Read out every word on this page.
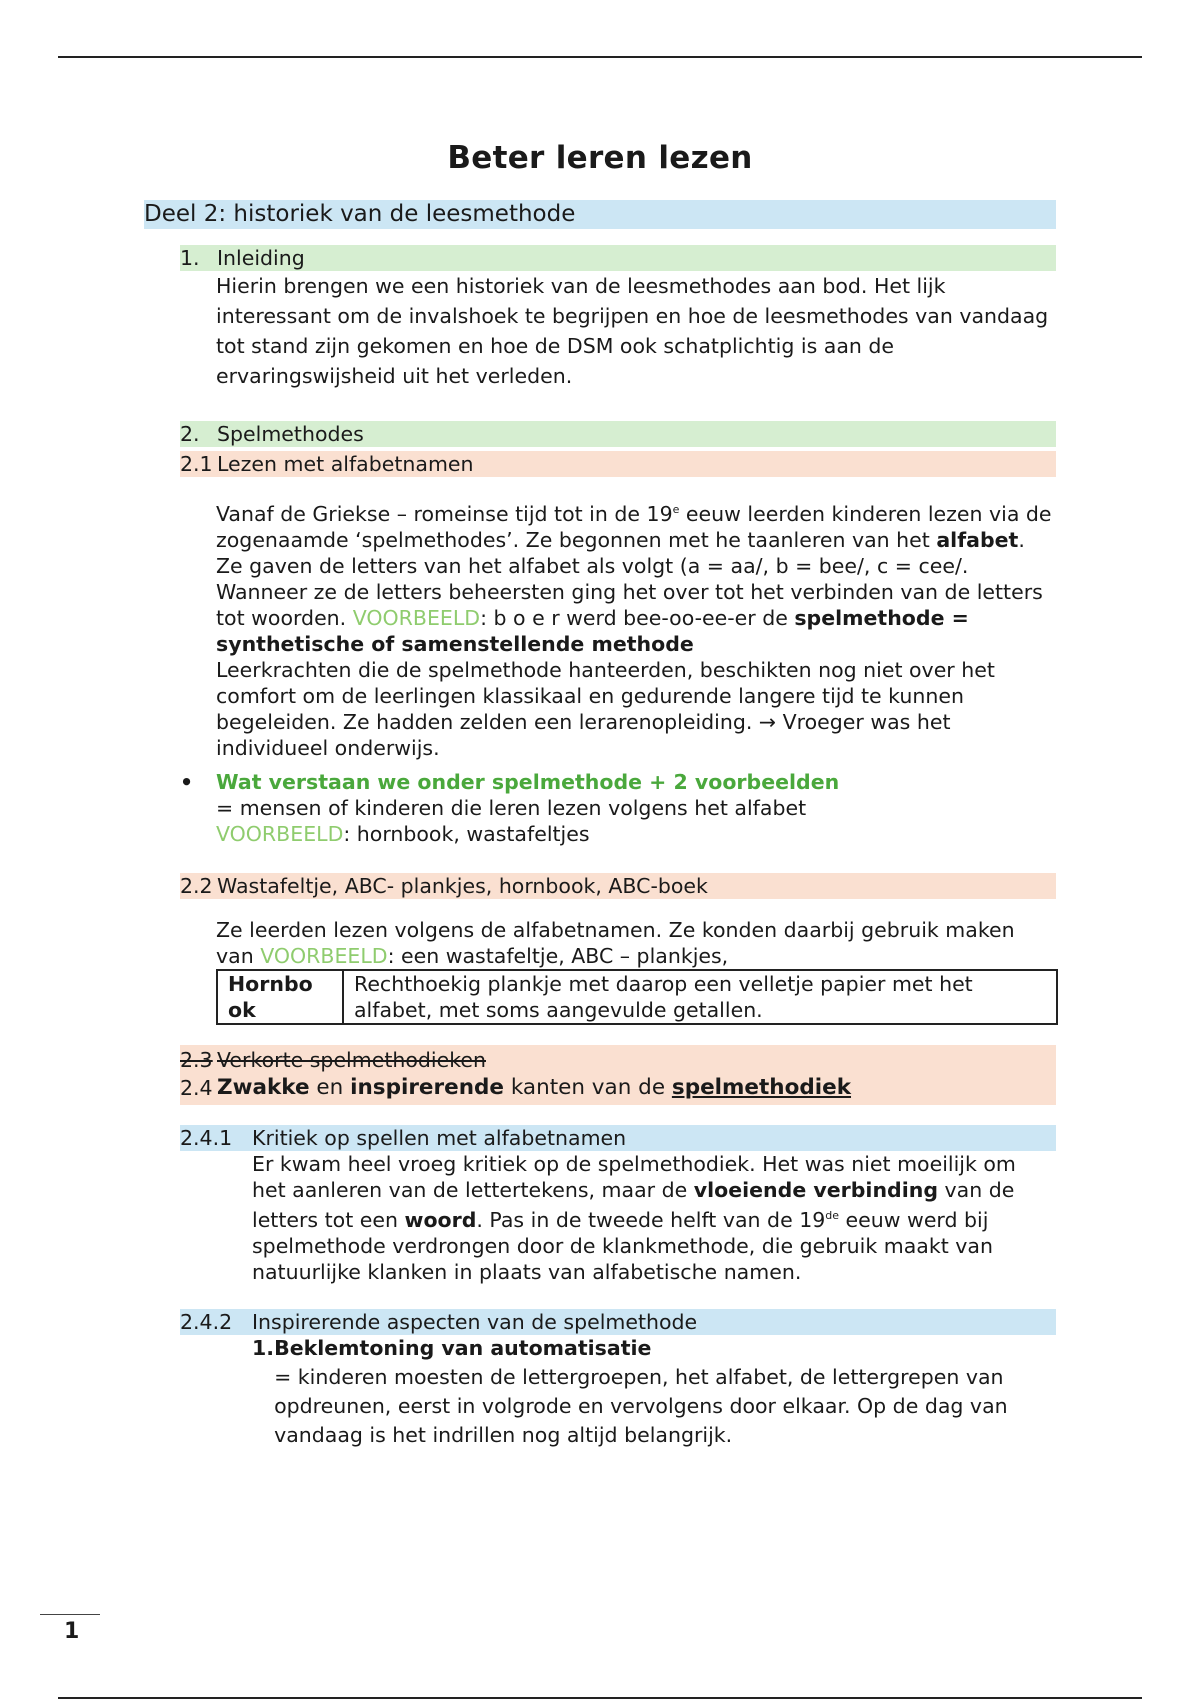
Beter leren lezen
Deel 2: historiek van de leesmethode
1. Inleiding
Hierin brengen we een historiek van de leesmethodes aan bod. Het lijk interessant om de invalshoek te begrijpen en hoe de leesmethodes van vandaag tot stand zijn gekomen en hoe de DSM ook schatplichtig is aan de ervaringswijsheid uit het verleden.
2. Spelmethodes
2.1 Lezen met alfabetnamen
Vanaf de Griekse – romeinse tijd tot in de 19e eeuw leerden kinderen lezen via de zogenaamde ‘spelmethodes’. Ze begonnen met he taanleren van het alfabet. Ze gaven de letters van het alfabet als volgt (a = aa/, b = bee/, c = cee/. Wanneer ze de letters beheersten ging het over tot het verbinden van de letters tot woorden. VOORBEELD: b o e r werd bee-oo-ee-er de spelmethode = synthetische of samenstellende methode
Leerkrachten die de spelmethode hanteerden, beschikten nog niet over het comfort om de leerlingen klassikaal en gedurende langere tijd te kunnen begeleiden. Ze hadden zelden een lerarenopleiding. → Vroeger was het individueel onderwijs.
•	Wat verstaan we onder spelmethode + 2 voorbeelden
= mensen of kinderen die leren lezen volgens het alfabet
VOORBEELD: hornbook, wastafeltjes
2.2 Wastafeltje, ABC- plankjes, hornbook, ABC-boek
Ze leerden lezen volgens de alfabetnamen. Ze konden daarbij gebruik maken van VOORBEELD: een wastafeltje, ABC – plankjes,
Hornbo ok	Rechthoekig plankje met daarop een velletje papier met het alfabet, met soms aangevulde getallen.
2.3 Verkorte spelmethodieken
2.4 Zwakke en inspirerende kanten van de spelmethodiek
2.4.1 Kritiek op spellen met alfabetnamen
Er kwam heel vroeg kritiek op de spelmethodiek. Het was niet moeilijk om het aanleren van de lettertekens, maar de vloeiende verbinding van de letters tot een woord. Pas in de tweede helft van de 19de eeuw werd bij spelmethode verdrongen door de klankmethode, die gebruik maakt van natuurlijke klanken in plaats van alfabetische namen.
2.4.2 Inspirerende aspecten van de spelmethode
1. Beklemtoning van automatisatie
= kinderen moesten de lettergroepen, het alfabet, de lettergrepen van opdreunen, eerst in volgrode en vervolgens door elkaar. Op de dag van vandaag is het indrillen nog altijd belangrijk.
1
